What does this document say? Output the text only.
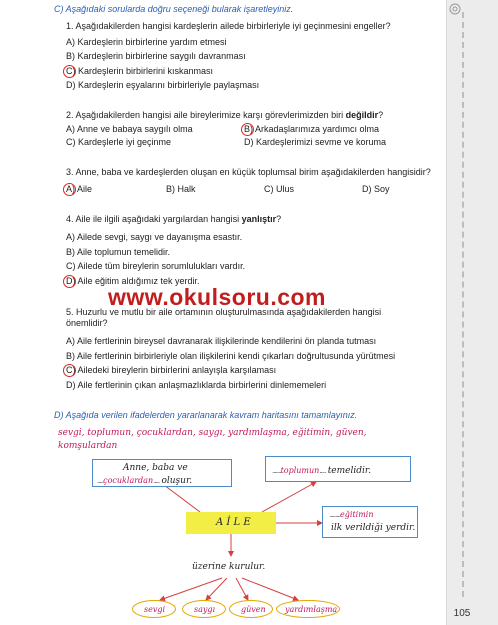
C) Aşağıdaki sorularda doğru seçeneği bularak işaretleyiniz.
1. Aşağıdakilerden hangisi kardeşlerin ailede birbirleriyle iyi geçinmesini engeller?
A) Kardeşlerin birbirlerine yardım etmesi
B) Kardeşlerin birbirlerine saygılı davranması
C) Kardeşlerin birbirlerini kıskanması
D) Kardeşlerin eşyalarını birbirleriyle paylaşması
2. Aşağıdakilerden hangisi aile bireylerimize karşı görevlerimizden biri değildir?
A) Anne ve babaya saygılı olma	B) Arkadaşlarımıza yardımcı olma
C) Kardeşlerle iyi geçinme	D) Kardeşlerimizi sevme ve koruma
3. Anne, baba ve kardeşlerden oluşan en küçük toplumsal birim aşağıdakilerden hangisidir?
A) Aile	B) Halk	C) Ulus	D) Soy
4. Aile ile ilgili aşağıdaki yargılardan hangisi yanlıştır?
A) Ailede sevgi, saygı ve dayanışma esastır.
B) Aile toplumun temelidir.
C) Ailede tüm bireylerin sorumlulukları vardır.
D) Aile eğitim aldığımız tek yerdir.
www.okulsoru.com
5. Huzurlu ve mutlu bir aile ortamının oluşturulmasında aşağıdakilerden hangisi
önemlidir?
A) Aile fertlerinin bireysel davranarak ilişkilerinde kendilerini ön planda tutması
B) Aile fertlerinin birbirleriyle olan ilişkilerini kendi çıkarları doğrultusunda yürütmesi
C) Ailedeki bireylerin birbirlerini anlayışla karşılaması
D) Aile fertlerinin çıkan anlaşmazlıklarda birbirlerini dinlememeleri
D) Aşağıda verilen ifadelerden yararlanarak kavram haritasını tamamlayınız.
sevgi, toplumun, çocuklardan, saygı, yardımlaşma, eğitimin, güven,
komşulardan
Anne, baba ve
.....çocuklardan..... oluşur.
.......toplumun..... temelidir.
A İ L E
.........eğitimin
ilk verildiği yerdir.
üzerine kurulur.
sevgi	saygı	güven yardımlaşma	105
